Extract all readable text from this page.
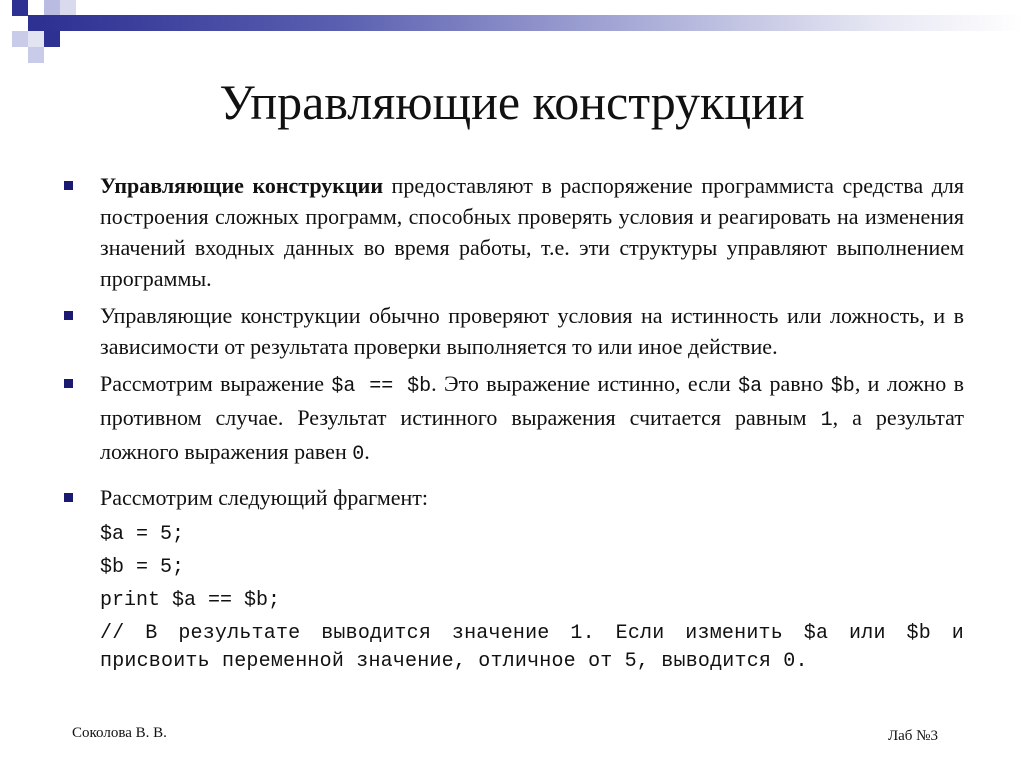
Управляющие конструкции
Управляющие конструкции предоставляют в распоряжение программиста средства для построения сложных программ, способных проверять условия и реагировать на изменения значений входных данных во время работы, т.е. эти структуры управляют выполнением программы.
Управляющие конструкции обычно проверяют условия на истинность или ложность, и в зависимости от результата проверки выполняется то или иное действие.
Рассмотрим выражение $a == $b. Это выражение истинно, если $a равно $b, и ложно в противном случае. Результат истинного выражения считается равным 1, а результат ложного выражения равен 0.
Рассмотрим следующий фрагмент:
$a = 5;
$b = 5;
print $a == $b;
// В результате выводится значение 1. Если изменить $a или $b и присвоить переменной значение, отличное от 5, выводится 0.
Соколова В. В.	Лаб №3
